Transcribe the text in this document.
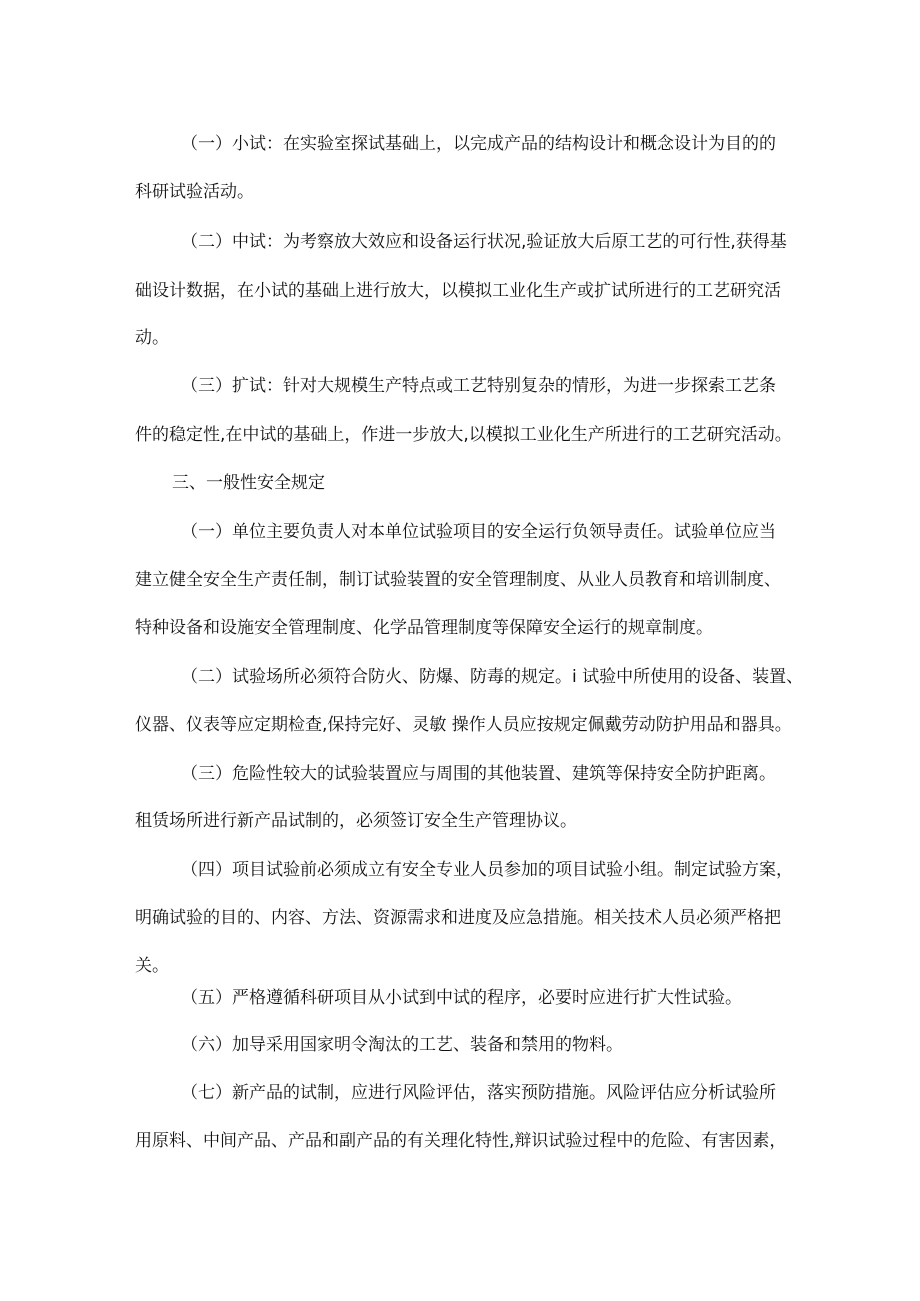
（一）小试：在实验室探试基础上，以完成产品的结构设计和概念设计为目的的
科研试验活动。
（二）中试：为考察放大效应和设备运行状况,验证放大后原工艺的可行性,获得基
础设计数据，在小试的基础上进行放大，以模拟工业化生产或扩试所进行的工艺研究活
动。
（三）扩试：针对大规模生产特点或工艺特别复杂的情形，为进一步探索工艺条
件的稳定性,在中试的基础上，作进一步放大,以模拟工业化生产所进行的工艺研究活动。
三、一般性安全规定
（一）单位主要负责人对本单位试验项目的安全运行负领导责任。试验单位应当
建立健全安全生产责任制，制订试验装置的安全管理制度、从业人员教育和培训制度、
特种设备和设施安全管理制度、化学品管理制度等保障安全运行的规章制度。
（二）试验场所必须符合防火、防爆、防毒的规定。i 试验中所使用的设备、装置、
仪器、仪表等应定期检查,保持完好、灵敏 操作人员应按规定佩戴劳动防护用品和器具。
（三）危险性较大的试验装置应与周围的其他装置、建筑等保持安全防护距离。
租赁场所进行新产品试制的，必须签订安全生产管理协议。
（四）项目试验前必须成立有安全专业人员参加的项目试验小组。制定试验方案，
明确试验的目的、内容、方法、资源需求和进度及应急措施。相关技术人员必须严格把
关。
（五）严格遵循科研项目从小试到中试的程序，必要时应进行扩大性试验。
（六）加导采用国家明令淘汰的工艺、装备和禁用的物料。
（七）新产品的试制，应进行风险评估，落实预防措施。风险评估应分析试验所
用原料、中间产品、产品和副产品的有关理化特性,辩识试验过程中的危险、有害因素，
